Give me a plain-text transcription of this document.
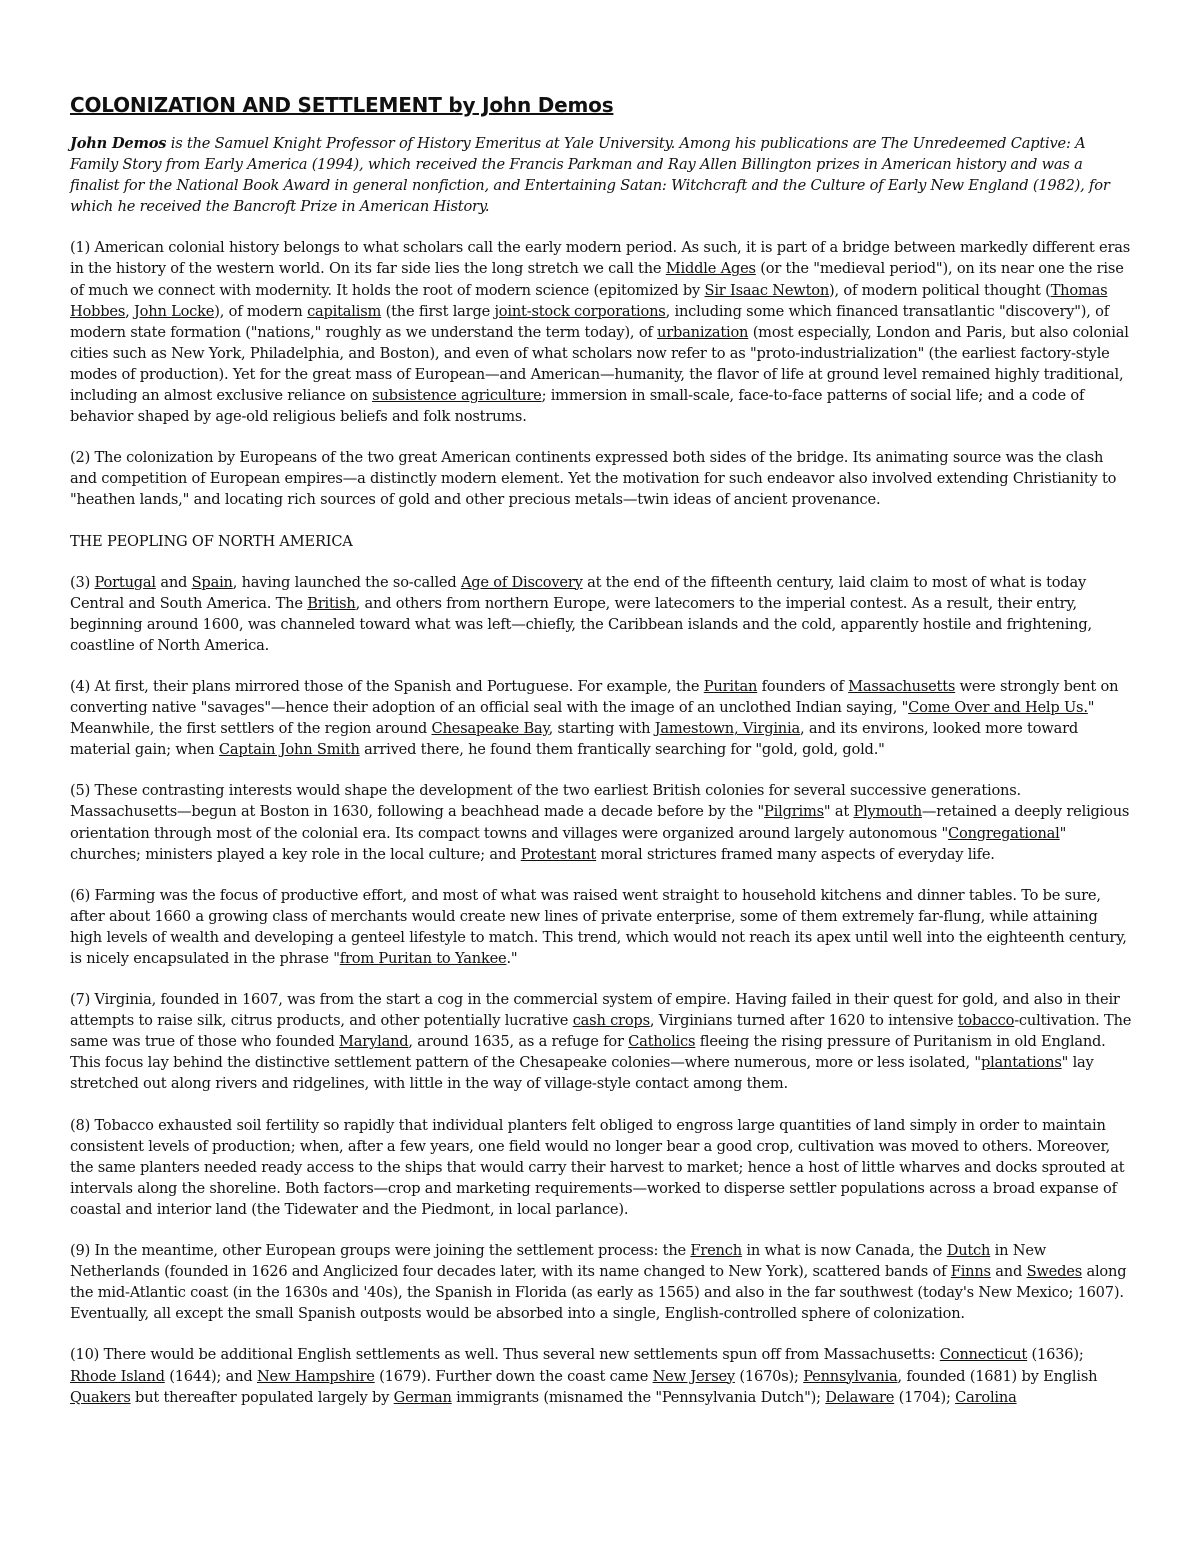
COLONIZATION AND SETTLEMENT by John Demos

John Demos is the Samuel Knight Professor of History Emeritus at Yale University. Among his publications are The Unredeemed Captive: A Family Story from Early America (1994), which received the Francis Parkman and Ray Allen Billington prizes in American history and was a finalist for the National Book Award in general nonfiction, and Entertaining Satan: Witchcraft and the Culture of Early New England (1982), for which he received the Bancroft Prize in American History.

(1) American colonial history belongs to what scholars call the early modern period. As such, it is part of a bridge between markedly different eras in the history of the western world. On its far side lies the long stretch we call the Middle Ages (or the "medieval period"), on its near one the rise of much we connect with modernity. It holds the root of modern science (epitomized by Sir Isaac Newton), of modern political thought (Thomas Hobbes, John Locke), of modern capitalism (the first large joint-stock corporations, including some which financed transatlantic "discovery"), of modern state formation ("nations," roughly as we understand the term today), of urbanization (most especially, London and Paris, but also colonial cities such as New York, Philadelphia, and Boston), and even of what scholars now refer to as "proto-industrialization" (the earliest factory-style modes of production). Yet for the great mass of European—and American—humanity, the flavor of life at ground level remained highly traditional, including an almost exclusive reliance on subsistence agriculture; immersion in small-scale, face-to-face patterns of social life; and a code of behavior shaped by age-old religious beliefs and folk nostrums.

(2) The colonization by Europeans of the two great American continents expressed both sides of the bridge. Its animating source was the clash and competition of European empires—a distinctly modern element. Yet the motivation for such endeavor also involved extending Christianity to "heathen lands," and locating rich sources of gold and other precious metals—twin ideas of ancient provenance.

THE PEOPLING OF NORTH AMERICA

(3) Portugal and Spain, having launched the so-called Age of Discovery at the end of the fifteenth century, laid claim to most of what is today Central and South America. The British, and others from northern Europe, were latecomers to the imperial contest. As a result, their entry, beginning around 1600, was channeled toward what was left—chiefly, the Caribbean islands and the cold, apparently hostile and frightening, coastline of North America.

(4) At first, their plans mirrored those of the Spanish and Portuguese. For example, the Puritan founders of Massachusetts were strongly bent on converting native "savages"—hence their adoption of an official seal with the image of an unclothed Indian saying, "Come Over and Help Us." Meanwhile, the first settlers of the region around Chesapeake Bay, starting with Jamestown, Virginia, and its environs, looked more toward material gain; when Captain John Smith arrived there, he found them frantically searching for "gold, gold, gold."

(5) These contrasting interests would shape the development of the two earliest British colonies for several successive generations. Massachusetts—begun at Boston in 1630, following a beachhead made a decade before by the "Pilgrims" at Plymouth—retained a deeply religious orientation through most of the colonial era. Its compact towns and villages were organized around largely autonomous "Congregational" churches; ministers played a key role in the local culture; and Protestant moral strictures framed many aspects of everyday life.

(6) Farming was the focus of productive effort, and most of what was raised went straight to household kitchens and dinner tables. To be sure, after about 1660 a growing class of merchants would create new lines of private enterprise, some of them extremely far-flung, while attaining high levels of wealth and developing a genteel lifestyle to match. This trend, which would not reach its apex until well into the eighteenth century, is nicely encapsulated in the phrase "from Puritan to Yankee."

(7) Virginia, founded in 1607, was from the start a cog in the commercial system of empire. Having failed in their quest for gold, and also in their attempts to raise silk, citrus products, and other potentially lucrative cash crops, Virginians turned after 1620 to intensive tobacco-cultivation. The same was true of those who founded Maryland, around 1635, as a refuge for Catholics fleeing the rising pressure of Puritanism in old England. This focus lay behind the distinctive settlement pattern of the Chesapeake colonies—where numerous, more or less isolated, "plantations" lay stretched out along rivers and ridgelines, with little in the way of village-style contact among them.

(8) Tobacco exhausted soil fertility so rapidly that individual planters felt obliged to engross large quantities of land simply in order to maintain consistent levels of production; when, after a few years, one field would no longer bear a good crop, cultivation was moved to others. Moreover, the same planters needed ready access to the ships that would carry their harvest to market; hence a host of little wharves and docks sprouted at intervals along the shoreline. Both factors—crop and marketing requirements—worked to disperse settler populations across a broad expanse of coastal and interior land (the Tidewater and the Piedmont, in local parlance).

(9) In the meantime, other European groups were joining the settlement process: the French in what is now Canada, the Dutch in New Netherlands (founded in 1626 and Anglicized four decades later, with its name changed to New York), scattered bands of Finns and Swedes along the mid-Atlantic coast (in the 1630s and '40s), the Spanish in Florida (as early as 1565) and also in the far southwest (today's New Mexico; 1607). Eventually, all except the small Spanish outposts would be absorbed into a single, English-controlled sphere of colonization.

(10) There would be additional English settlements as well. Thus several new settlements spun off from Massachusetts: Connecticut (1636); Rhode Island (1644); and New Hampshire (1679). Further down the coast came New Jersey (1670s); Pennsylvania, founded (1681) by English Quakers but thereafter populated largely by German immigrants (misnamed the "Pennsylvania Dutch"); Delaware (1704); Carolina
